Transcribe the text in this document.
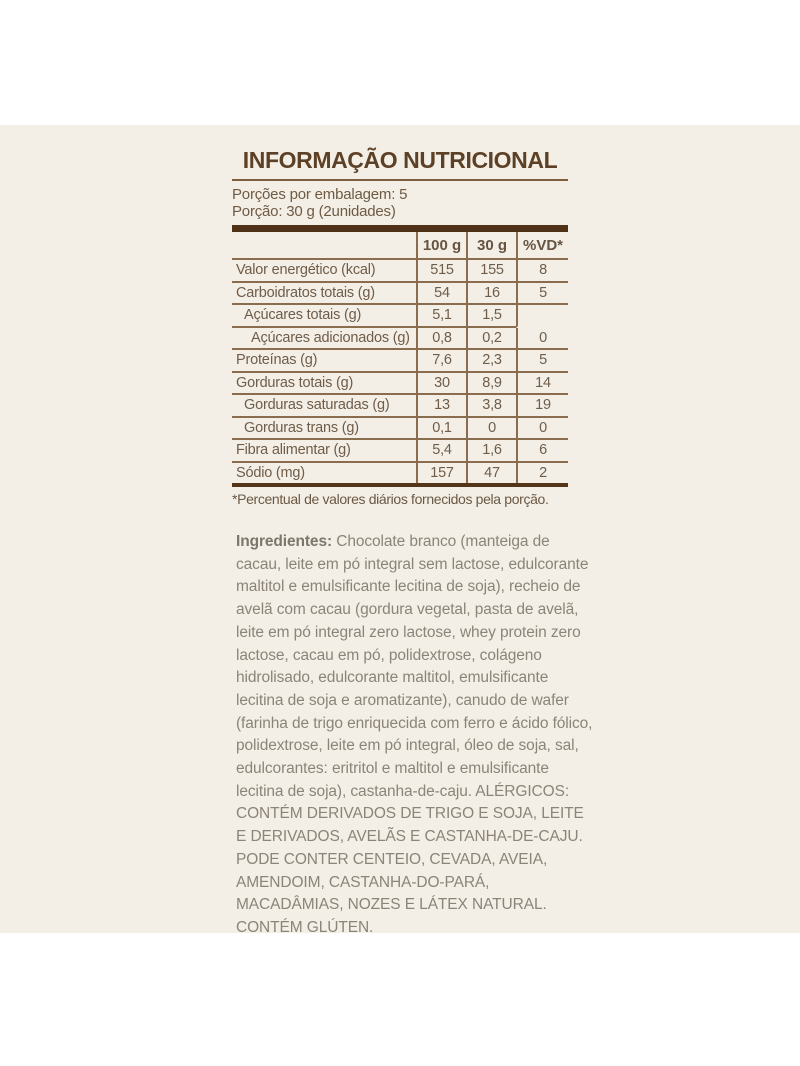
INFORMAÇÃO NUTRICIONAL
Porções por embalagem: 5
Porção: 30 g (2unidades)
	100 g	30 g	%VD*
Valor energético (kcal)	515	155	8
Carboidratos totais (g)	54	16	5
Açúcares totais (g)	5,1	1,5	
Açúcares adicionados (g)	0,8	0,2	0
Proteínas (g)	7,6	2,3	5
Gorduras totais (g)	30	8,9	14
Gorduras saturadas (g)	13	3,8	19
Gorduras trans (g)	0,1	0	0
Fibra alimentar (g)	5,4	1,6	6
Sódio (mg)	157	47	2
*Percentual de valores diários fornecidos pela porção.
Ingredientes: Chocolate branco (manteiga de cacau, leite em pó integral sem lactose, edulcorante maltitol e emulsificante lecitina de soja), recheio de avelã com cacau (gordura vegetal, pasta de avelã, leite em pó integral zero lactose, whey protein zero lactose, cacau em pó, polidextrose, colágeno hidrolisado, edulcorante maltitol, emulsificante lecitina de soja e aromatizante), canudo de wafer (farinha de trigo enriquecida com ferro e ácido fólico, polidextrose, leite em pó integral, óleo de soja, sal, edulcorantes: eritritol e maltitol e emulsificante lecitina de soja), castanha-de-caju. ALÉRGICOS: CONTÉM DERIVADOS DE TRIGO E SOJA, LEITE E DERIVADOS, AVELÃS E CASTANHA-DE-CAJU. PODE CONTER CENTEIO, CEVADA, AVEIA, AMENDOIM, CASTANHA-DO-PARÁ, MACADÂMIAS, NOZES E LÁTEX NATURAL. CONTÉM GLÚTEN.
